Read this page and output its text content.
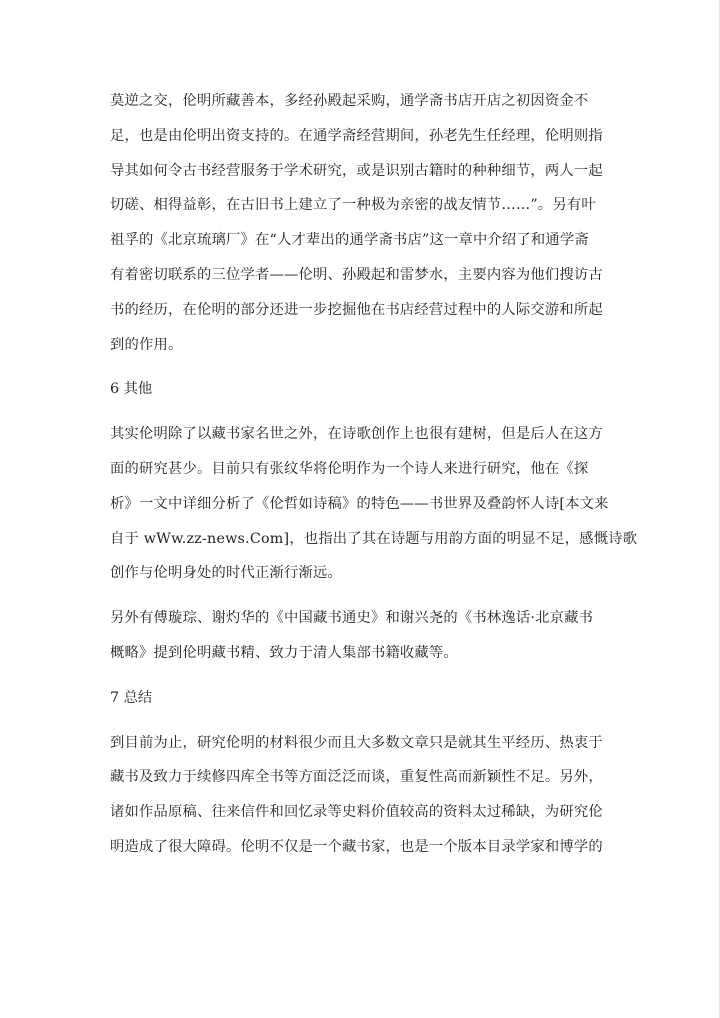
莫逆之交，伦明所藏善本，多经孙殿起采购，通学斋书店开店之初因资金不
足，也是由伦明出资支持的。在通学斋经营期间，孙老先生任经理，伦明则指
导其如何令古书经营服务于学术研究，或是识别古籍时的种种细节，两人一起
切磋、相得益彰，在古旧书上建立了一种极为亲密的战友情节……”。另有叶
祖孚的《北京琉璃厂》在“人才辈出的通学斋书店”这一章中介绍了和通学斋
有着密切联系的三位学者——伦明、孙殿起和雷梦水，主要内容为他们搜访古
书的经历，在伦明的部分还进一步挖掘他在书店经营过程中的人际交游和所起
到的作用。

6 其他

其实伦明除了以藏书家名世之外，在诗歌创作上也很有建树，但是后人在这方
面的研究甚少。目前只有张纹华将伦明作为一个诗人来进行研究，他在《探
析》一文中详细分析了《伦哲如诗稿》的特色——书世界及叠韵怀人诗[本文来
自于 wWw.zz-news.Com]，也指出了其在诗题与用韵方面的明显不足，感慨诗歌
创作与伦明身处的时代正渐行渐远。

另外有傅璇琮、谢灼华的《中国藏书通史》和谢兴尧的《书林逸话·北京藏书
概略》提到伦明藏书精、致力于清人集部书籍收藏等。

7 总结

到目前为止，研究伦明的材料很少而且大多数文章只是就其生平经历、热衷于
藏书及致力于续修四库全书等方面泛泛而谈，重复性高而新颖性不足。另外，
诸如作品原稿、往来信件和回忆录等史料价值较高的资料太过稀缺，为研究伦
明造成了很大障碍。伦明不仅是一个藏书家，也是一个版本目录学家和博学的
